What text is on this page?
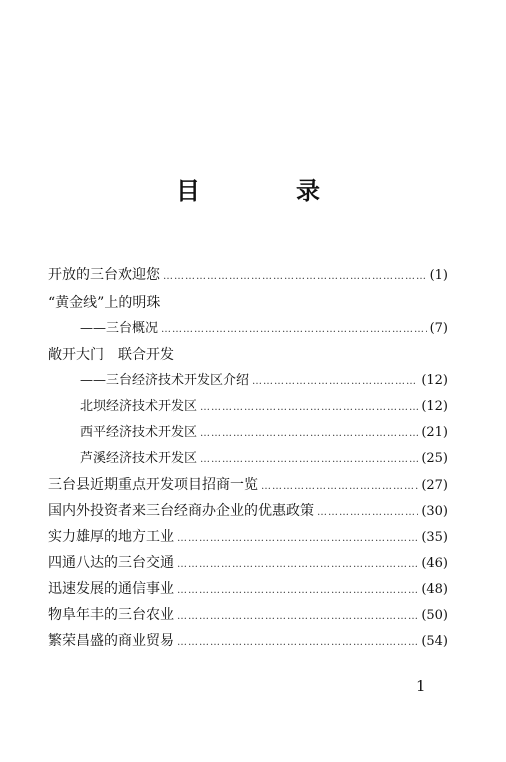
目	录
开放的三台欢迎您 …………………………………………………………………………………………………………………………………………	(1)
“黄金线”上的明珠
——三台概况 …………………………………………………………………………………………………………………………………………	(7)
敞开大门　联合开发
——三台经济技术开发区介绍 …………………………………………………………………………………………………………………………………………	(12)
北坝经济技术开发区 …………………………………………………………………………………………………………………………………………	(12)
西平经济技术开发区 …………………………………………………………………………………………………………………………………………	(21)
芦溪经济技术开发区 …………………………………………………………………………………………………………………………………………	(25)
三台县近期重点开发项目招商一览 …………………………………………………………………………………………………………………………………………	(27)
国内外投资者来三台经商办企业的优惠政策 …………………………………………………………………………………………………………………………………………	(30)
实力雄厚的地方工业 …………………………………………………………………………………………………………………………………………	(35)
四通八达的三台交通 …………………………………………………………………………………………………………………………………………	(46)
迅速发展的通信事业 …………………………………………………………………………………………………………………………………………	(48)
物阜年丰的三台农业 …………………………………………………………………………………………………………………………………………	(50)
繁荣昌盛的商业贸易 …………………………………………………………………………………………………………………………………………	(54)
1
